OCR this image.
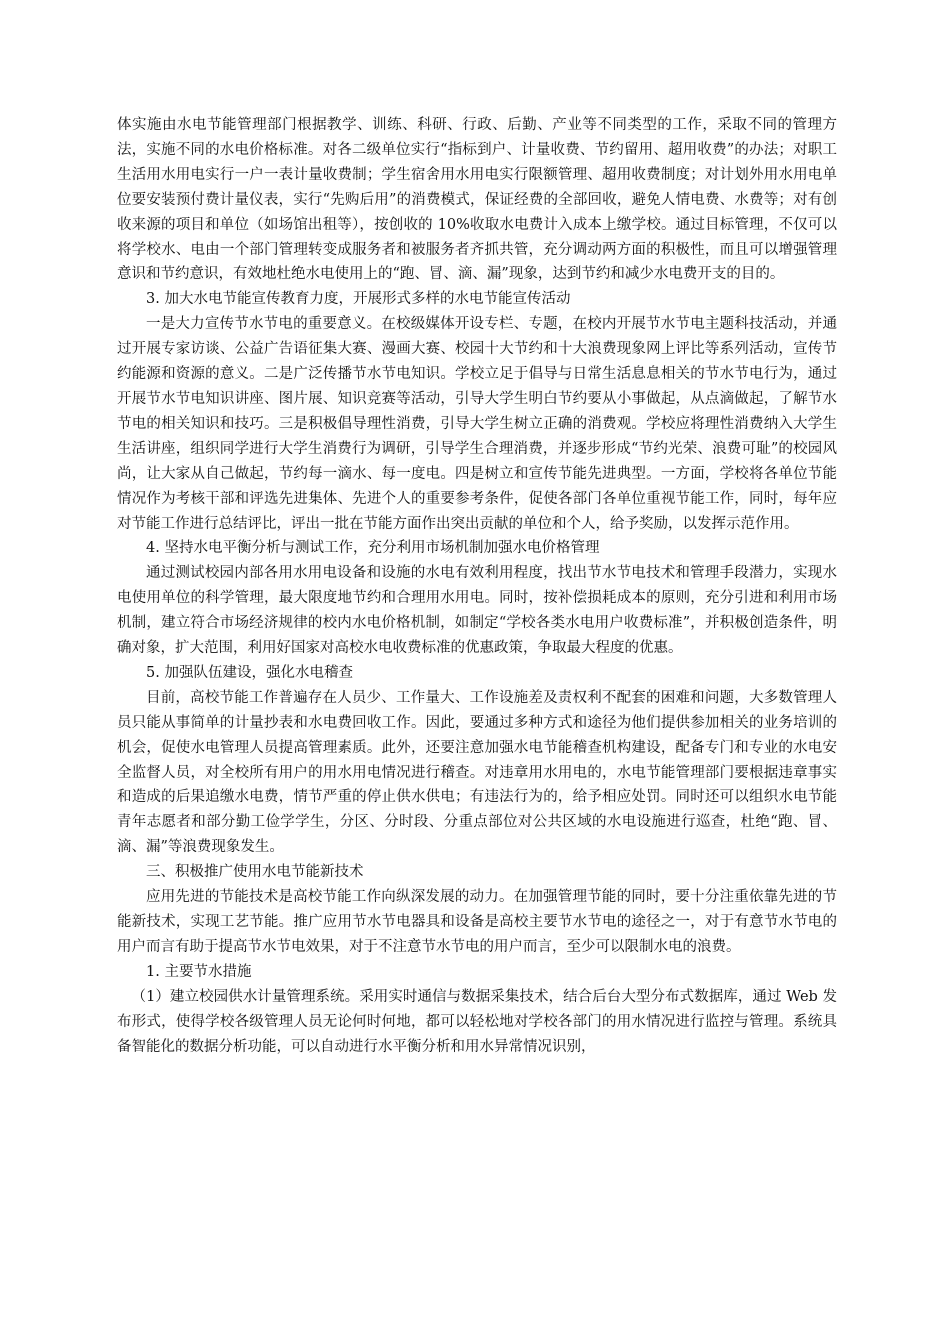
体实施由水电节能管理部门根据教学、训练、科研、行政、后勤、产业等不同类型的工作，采取不同的管理方法，实施不同的水电价格标准。对各二级单位实行“指标到户、计量收费、节约留用、超用收费”的办法；对职工生活用水用电实行一户一表计量收费制；学生宿舍用水用电实行限额管理、超用收费制度；对计划外用水用电单位要安装预付费计量仪表，实行“先购后用”的消费模式，保证经费的全部回收，避免人情电费、水费等；对有创收来源的项目和单位（如场馆出租等），按创收的 10%收取水电费计入成本上缴学校。通过目标管理，不仅可以将学校水、电由一个部门管理转变成服务者和被服务者齐抓共管，充分调动两方面的积极性，而且可以增强管理意识和节约意识，有效地杜绝水电使用上的“跑、冒、滴、漏”现象，达到节约和减少水电费开支的目的。

3. 加大水电节能宣传教育力度，开展形式多样的水电节能宣传活动

一是大力宣传节水节电的重要意义。在校级媒体开设专栏、专题，在校内开展节水节电主题科技活动，并通过开展专家访谈、公益广告语征集大赛、漫画大赛、校园十大节约和十大浪费现象网上评比等系列活动，宣传节约能源和资源的意义。二是广泛传播节水节电知识。学校立足于倡导与日常生活息息相关的节水节电行为，通过开展节水节电知识讲座、图片展、知识竞赛等活动，引导大学生明白节约要从小事做起，从点滴做起，了解节水节电的相关知识和技巧。三是积极倡导理性消费，引导大学生树立正确的消费观。学校应将理性消费纳入大学生生活讲座，组织同学进行大学生消费行为调研，引导学生合理消费，并逐步形成“节约光荣、浪费可耻”的校园风尚，让大家从自己做起，节约每一滴水、每一度电。四是树立和宣传节能先进典型。一方面，学校将各单位节能情况作为考核干部和评选先进集体、先进个人的重要参考条件，促使各部门各单位重视节能工作，同时，每年应对节能工作进行总结评比，评出一批在节能方面作出突出贡献的单位和个人，给予奖励，以发挥示范作用。

4. 坚持水电平衡分析与测试工作，充分利用市场机制加强水电价格管理

通过测试校园内部各用水用电设备和设施的水电有效利用程度，找出节水节电技术和管理手段潜力，实现水电使用单位的科学管理，最大限度地节约和合理用水用电。同时，按补偿损耗成本的原则，充分引进和利用市场机制，建立符合市场经济规律的校内水电价格机制，如制定“学校各类水电用户收费标准”，并积极创造条件，明确对象，扩大范围，利用好国家对高校水电收费标准的优惠政策，争取最大程度的优惠。

5. 加强队伍建设，强化水电稽查

目前，高校节能工作普遍存在人员少、工作量大、工作设施差及责权利不配套的困难和问题，大多数管理人员只能从事简单的计量抄表和水电费回收工作。因此，要通过多种方式和途径为他们提供参加相关的业务培训的机会，促使水电管理人员提高管理素质。此外，还要注意加强水电节能稽查机构建设，配备专门和专业的水电安全监督人员，对全校所有用户的用水用电情况进行稽查。对违章用水用电的，水电节能管理部门要根据违章事实和造成的后果追缴水电费，情节严重的停止供水供电；有违法行为的，给予相应处罚。同时还可以组织水电节能青年志愿者和部分勤工俭学学生，分区、分时段、分重点部位对公共区域的水电设施进行巡查，杜绝“跑、冒、滴、漏”等浪费现象发生。

三、积极推广使用水电节能新技术

应用先进的节能技术是高校节能工作向纵深发展的动力。在加强管理节能的同时，要十分注重依靠先进的节能新技术，实现工艺节能。推广应用节水节电器具和设备是高校主要节水节电的途径之一，对于有意节水节电的用户而言有助于提高节水节电效果，对于不注意节水节电的用户而言，至少可以限制水电的浪费。

1. 主要节水措施

（1）建立校园供水计量管理系统。采用实时通信与数据采集技术，结合后台大型分布式数据库，通过 Web 发布形式，使得学校各级管理人员无论何时何地，都可以轻松地对学校各部门的用水情况进行监控与管理。系统具备智能化的数据分析功能，可以自动进行水平衡分析和用水异常情况识别，
